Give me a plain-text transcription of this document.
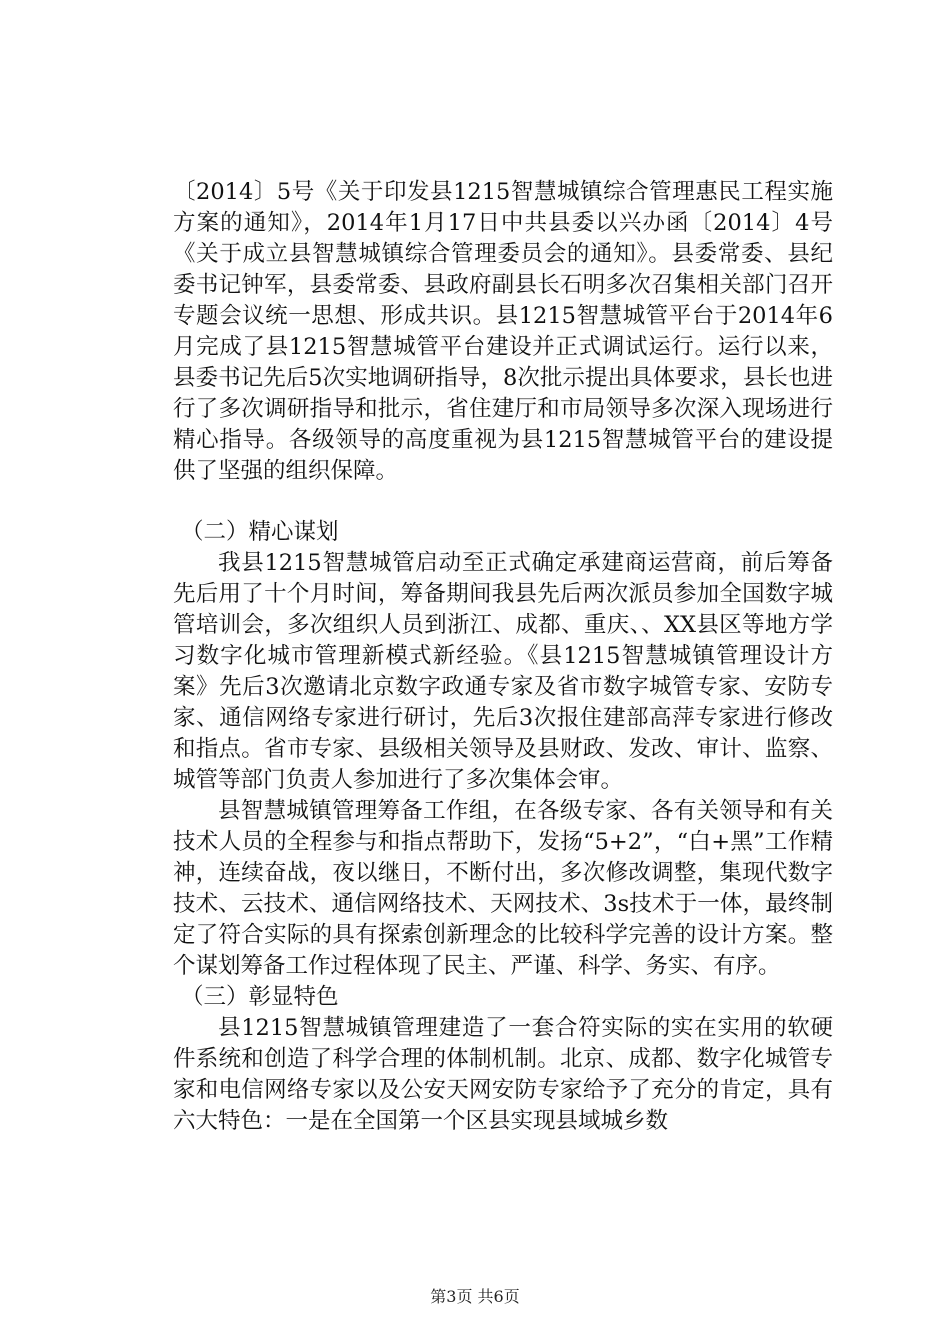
〔2014〕5号《关于印发县1215智慧城镇综合管理惠民工程实施方案的通知》，2014年1月17日中共县委以兴办函〔2014〕4号《关于成立县智慧城镇综合管理委员会的通知》。县委常委、县纪委书记钟军，县委常委、县政府副县长石明多次召集相关部门召开专题会议统一思想、形成共识。县1215智慧城管平台于2014年6月完成了县1215智慧城管平台建设并正式调试运行。运行以来，县委书记先后5次实地调研指导，8次批示提出具体要求，县长也进行了多次调研指导和批示，省住建厅和市局领导多次深入现场进行精心指导。各级领导的高度重视为县1215智慧城管平台的建设提供了坚强的组织保障。

（二）精心谋划

我县1215智慧城管启动至正式确定承建商运营商，前后筹备先后用了十个月时间，筹备期间我县先后两次派员参加全国数字城管培训会，多次组织人员到浙江、成都、重庆、、XX县区等地方学习数字化城市管理新模式新经验。《县1215智慧城镇管理设计方案》先后3次邀请北京数字政通专家及省市数字城管专家、安防专家、通信网络专家进行研讨，先后3次报住建部高萍专家进行修改和指点。省市专家、县级相关领导及县财政、发改、审计、监察、城管等部门负责人参加进行了多次集体会审。

县智慧城镇管理筹备工作组，在各级专家、各有关领导和有关技术人员的全程参与和指点帮助下，发扬“5+2”，“白+黑”工作精神，连续奋战，夜以继日，不断付出，多次修改调整，集现代数字技术、云技术、通信网络技术、天网技术、3s技术于一体，最终制定了符合实际的具有探索创新理念的比较科学完善的设计方案。整个谋划筹备工作过程体现了民主、严谨、科学、务实、有序。

（三）彰显特色

县1215智慧城镇管理建造了一套合符实际的实在实用的软硬件系统和创造了科学合理的体制机制。北京、成都、数字化城管专家和电信网络专家以及公安天网安防专家给予了充分的肯定，具有六大特色：一是在全国第一个区县实现县域城乡数

第3页 共6页
